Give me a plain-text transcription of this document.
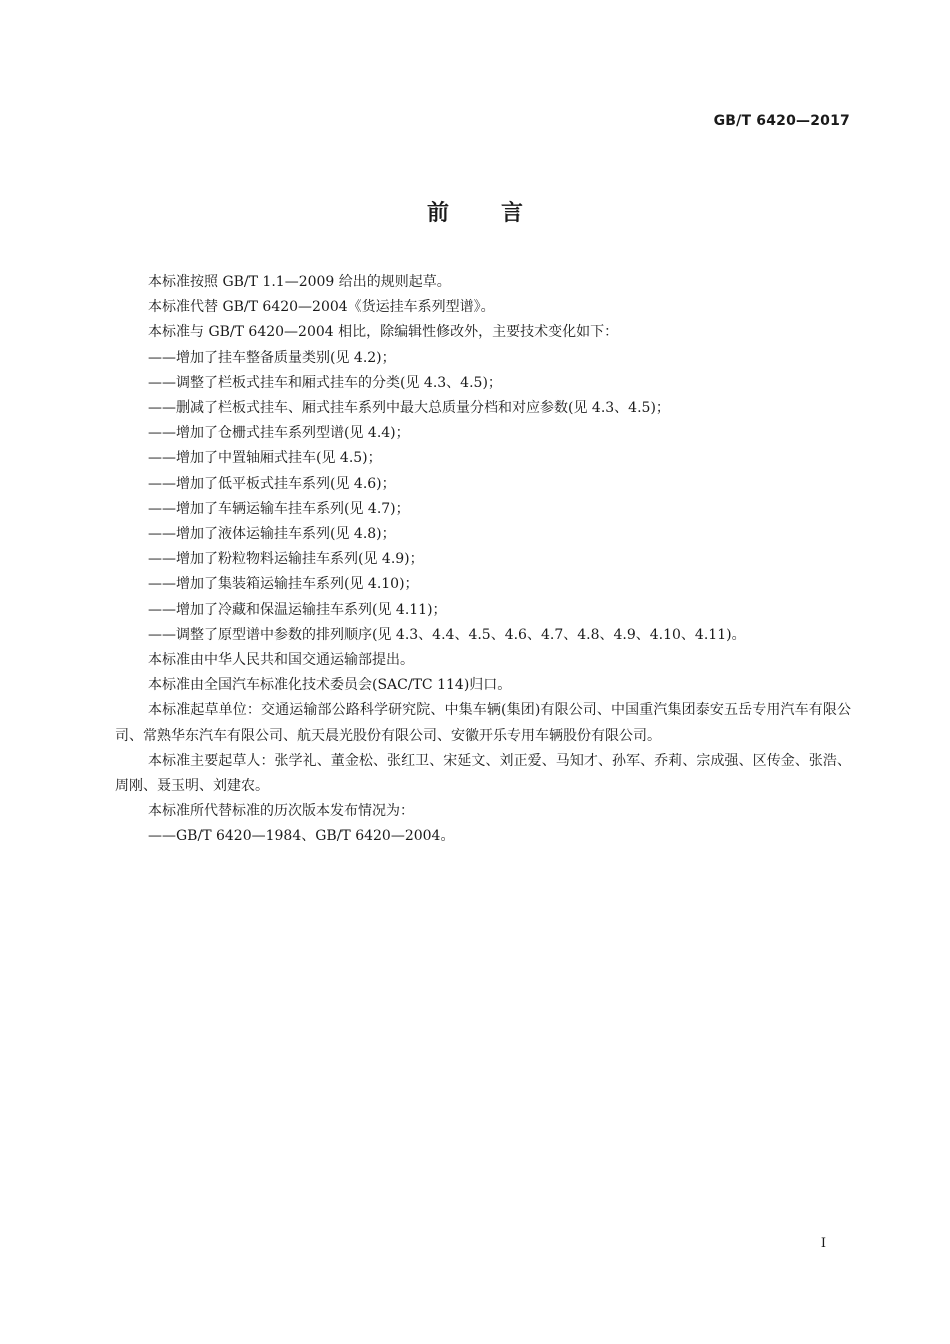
GB/T 6420—2017
前 言

本标准按照 GB/T 1.1—2009 给出的规则起草。

本标准代替 GB/T 6420—2004《货运挂车系列型谱》。

本标准与 GB/T 6420—2004 相比，除编辑性修改外，主要技术变化如下：

——增加了挂车整备质量类别(见 4.2)；

——调整了栏板式挂车和厢式挂车的分类(见 4.3、4.5)；

——删减了栏板式挂车、厢式挂车系列中最大总质量分档和对应参数(见 4.3、4.5)；

——增加了仓栅式挂车系列型谱(见 4.4)；

——增加了中置轴厢式挂车(见 4.5)；

——增加了低平板式挂车系列(见 4.6)；

——增加了车辆运输车挂车系列(见 4.7)；

——增加了液体运输挂车系列(见 4.8)；

——增加了粉粒物料运输挂车系列(见 4.9)；

——增加了集装箱运输挂车系列(见 4.10)；

——增加了冷藏和保温运输挂车系列(见 4.11)；

——调整了原型谱中参数的排列顺序(见 4.3、4.4、4.5、4.6、4.7、4.8、4.9、4.10、4.11)。

本标准由中华人民共和国交通运输部提出。

本标准由全国汽车标准化技术委员会(SAC/TC 114)归口。

本标准起草单位：交通运输部公路科学研究院、中集车辆(集团)有限公司、中国重汽集团泰安五岳专用汽车有限公司、常熟华东汽车有限公司、航天晨光股份有限公司、安徽开乐专用车辆股份有限公司。

本标准主要起草人：张学礼、董金松、张红卫、宋延文、刘正爱、马知才、孙军、乔莉、宗成强、区传金、张浩、周刚、聂玉明、刘建农。

本标准所代替标准的历次版本发布情况为：

——GB/T 6420—1984、GB/T 6420—2004。

I
